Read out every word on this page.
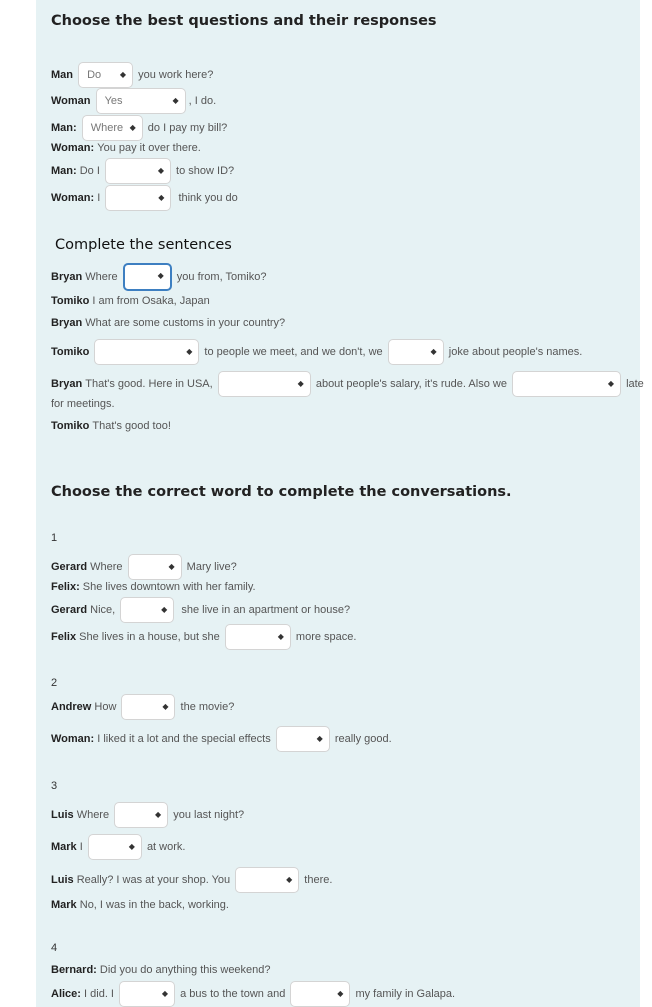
Choose the best questions and their responses
Man Do ◆ you work here?
Woman Yes	◆ , I do.
Man: Where ◆ do I pay my bill?
Woman: You pay it over there.
Man: Do I	◆ to show ID?
Woman: I	◆ think you do
Complete the sentences
Bryan Where	◆ you from, Tomiko?
Tomiko I am from Osaka, Japan
Bryan What are some customs in your country?
Tomiko	◆ to people we meet, and we don't, we	◆ joke about people's names.
Bryan That's good. Here in USA,	◆ about people's salary, it's rude. Also we	◆ late
for meetings.
Tomiko That's good too!
Choose the correct word to complete the conversations.
1
Gerard Where	◆ Mary live?
Felix: She lives downtown with her family.
Gerard Nice,	◆ she live in an apartment or house?
Felix She lives in a house, but she	◆ more space.
2
Andrew How	◆ the movie?
Woman: I liked it a lot and the special effects	◆ really good.
3
Luis Where	◆ you last night?
Mark I	◆ at work.
Luis Really? I was at your shop. You	◆ there.
Mark No, I was in the back, working.
4
Bernard: Did you do anything this weekend?
Alice: I did. I	◆ a bus to the town and	◆ my family in Galapa.
